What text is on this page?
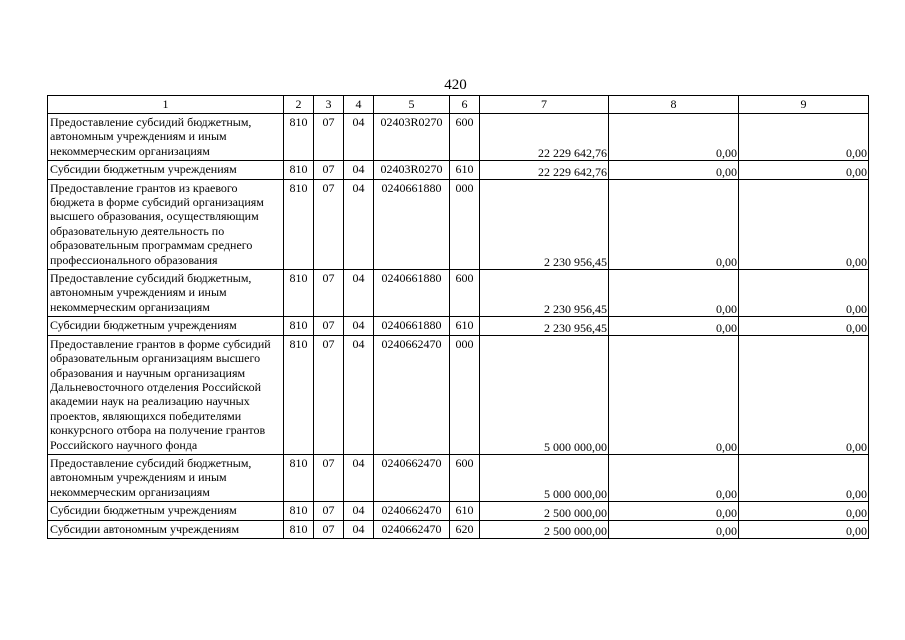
420
1	2	3	4	5	6	7	8	9
Предоставление субсидий бюджетным, автономным учреждениям и иным некоммерческим организациям	810	07	04	02403R0270	600	22 229 642,76	0,00	0,00

Субсидии бюджетным учреждениям	810	07	04	02403R0270	610	22 229 642,76	0,00	0,00

Предоставление грантов из краевого бюджета в форме субсидий организациям высшего образования, осуществляющим образовательную деятельность по образовательным программам среднего профессионального образования	810	07	04	0240661880	000	2 230 956,45	0,00	0,00

Предоставление субсидий бюджетным, автономным учреждениям и иным некоммерческим организациям	810	07	04	0240661880	600	2 230 956,45	0,00	0,00

Субсидии бюджетным учреждениям	810	07	04	0240661880	610	2 230 956,45	0,00	0,00

Предоставление грантов в форме субсидий образовательным организациям высшего образования и научным организациям Дальневосточного отделения Российской академии наук на реализацию научных проектов, являющихся победителями конкурсного отбора на получение грантов Российского научного фонда	810	07	04	0240662470	000	5 000 000,00	0,00	0,00

Предоставление субсидий бюджетным, автономным учреждениям и иным некоммерческим организациям	810	07	04	0240662470	600	5 000 000,00	0,00	0,00

Субсидии бюджетным учреждениям	810	07	04	0240662470	610	2 500 000,00	0,00	0,00

Субсидии автономным учреждениям	810	07	04	0240662470	620	2 500 000,00	0,00	0,00
